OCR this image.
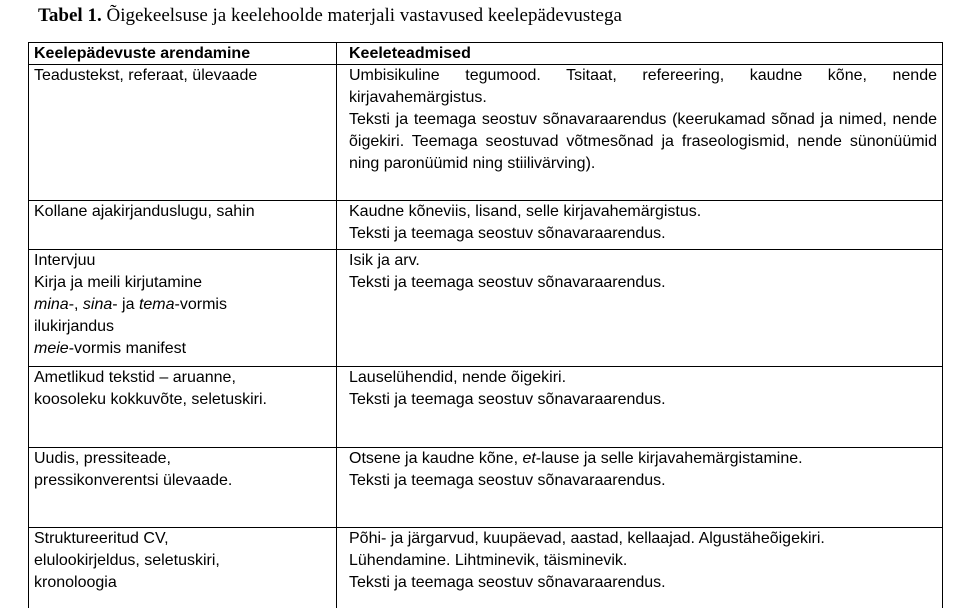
Tabel 1. Õigekeelsuse ja keelehoolde materjali vastavused keelepädevustega
Keelepädevuste arendamine	Keeleteadmised

Teadustekst, referaat, ülevaade	Umbisikuline tegumood. Tsitaat, refereering, kaudne kõne, nende kirjavahemärgistus.
Teksti ja teemaga seostuv sõnavaraarendus (keerukamad sõnad ja nimed, nende õigekiri. Teemaga seostuvad võtmesõnad ja fraseologismid, nende sünonüümid ning paronüümid ning stiilivärving).

Kollane ajakirjanduslugu, sahin	Kaudne kõneviis, lisand, selle kirjavahemärgistus.
Teksti ja teemaga seostuv sõnavaraarendus.

Intervjuu
Kirja ja meili kirjutamine
mina-, sina- ja tema-vormis
ilukirjandus
meie-vormis manifest	Isik ja arv.
Teksti ja teemaga seostuv sõnavaraarendus.

Ametlikud tekstid – aruanne,
koosoleku kokkuvõte, seletuskiri.	Lauselühendid, nende õigekiri.
Teksti ja teemaga seostuv sõnavaraarendus.

Uudis, pressiteade,
pressikonverentsi ülevaade.	Otsene ja kaudne kõne, et-lause ja selle kirjavahemärgistamine.
Teksti ja teemaga seostuv sõnavaraarendus.

Struktureeritud CV,
elulookirjeldus, seletuskiri,
kronoloogia	Põhi- ja järgarvud, kuupäevad, aastad, kellaajad. Algustäheõigekiri.
Lühendamine. Lihtminevik, täisminevik.
Teksti ja teemaga seostuv sõnavaraarendus.
